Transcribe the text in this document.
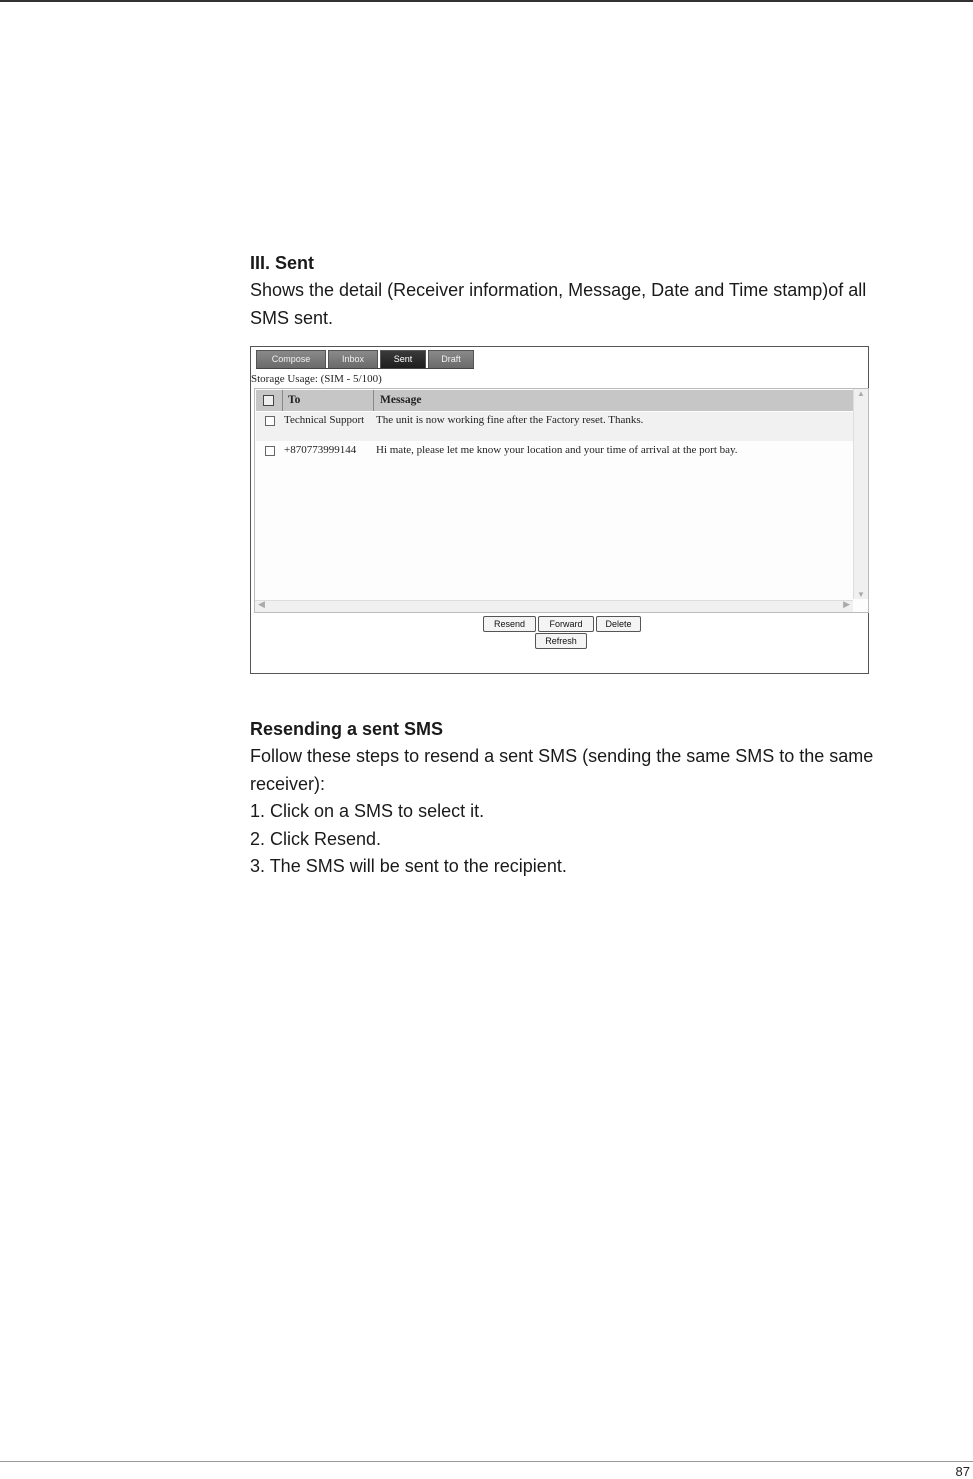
III. Sent

Shows the detail (Receiver information, Message, Date and Time stamp)of all

SMS sent.

Compose	Inbox	Sent	Draft
Storage Usage: (SIM - 5/100)
To	Message
Technical Support	The unit is now working fine after the Factory reset. Thanks.
+870773999144	Hi mate, please let me know your location and your time of arrival at the port bay.
▲
▼
◀	▶
Resend	Forward	Delete
Refresh

Resending a sent SMS

Follow these steps to resend a sent SMS (sending the same SMS to the same

receiver):

1. Click on a SMS to select it.

2. Click Resend.

3. The SMS will be sent to the recipient.

87
